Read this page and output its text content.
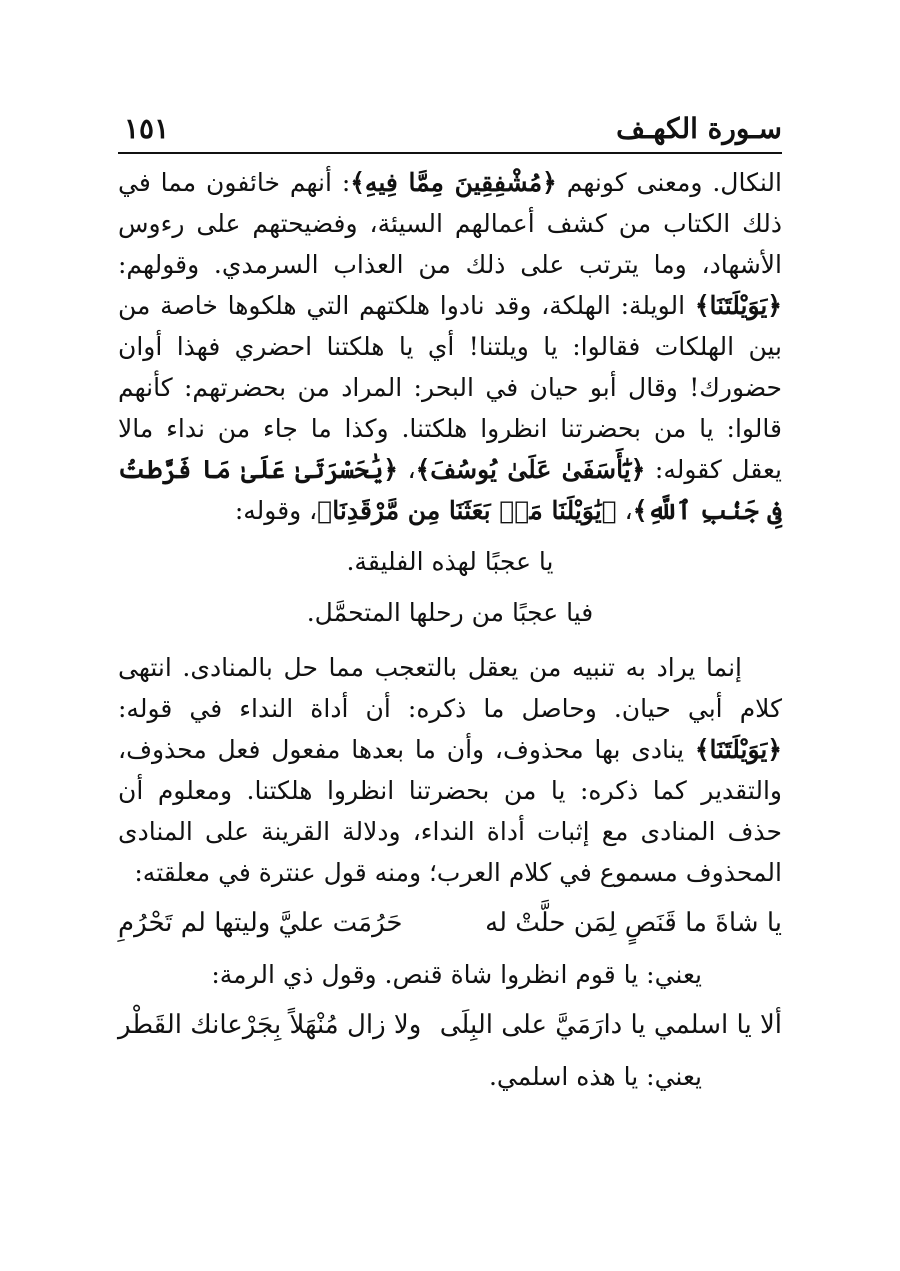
سـورة الكهـف
١٥١

النكال. ومعنى كونهم ﴿مُشْفِقِينَ مِمَّا فِيهِ﴾: أنهم خائفون مما في ذلك الكتاب من كشف أعمالهم السيئة، وفضيحتهم على رءوس الأشهاد، وما يترتب على ذلك من العذاب السرمدي. وقولهم: ﴿يَوَيْلَتَنَا﴾ الويلة: الهلكة، وقد نادوا هلكتهم التي هلكوها خاصة من بين الهلكات فقالوا: يا ويلتنا! أي يا هلكتنا احضري فهذا أوان حضورك! وقال أبو حيان في البحر: المراد من بحضرتهم: كأنهم قالوا: يا من بحضرتنا انظروا هلكتنا. وكذا ما جاء من نداء مالا يعقل كقوله: ﴿يَٰٓأَسَفَىٰ عَلَىٰ يُوسُفَ﴾، ﴿يَٰحَسْرَتَىٰ عَلَىٰ مَا فَرَّطتُ فِى جَنۢبِ ٱللَّهِ﴾، ﴿يَٰوَيْلَنَا مَنۢ بَعَثَنَا مِن مَّرْقَدِنَا﴾، وقوله:

يا عجبًا لهذه الفليقة.

فيا عجبًا من رحلها المتحمَّل.

إنما يراد به تنبيه من يعقل بالتعجب مما حل بالمنادى. انتهى كلام أبي حيان. وحاصل ما ذكره: أن أداة النداء في قوله: ﴿يَوَيْلَتَنَا﴾ ينادى بها محذوف، وأن ما بعدها مفعول فعل محذوف، والتقدير كما ذكره: يا من بحضرتنا انظروا هلكتنا. ومعلوم أن حذف المنادى مع إثبات أداة النداء، ودلالة القرينة على المنادى المحذوف مسموع في كلام العرب؛ ومنه قول عنترة في معلقته:

يا شاةَ ما قَنَصٍ لِمَن حلَّتْ له
حَرُمَت عليَّ وليتها لم تَحْرُمِ

يعني: يا قوم انظروا شاة قنص. وقول ذي الرمة:

ألا يا اسلمي يا دارَمَيَّ على البِلَى
ولا زال مُنْهَلاً بِجَرْعانك القَطْر

يعني: يا هذه اسلمي.
